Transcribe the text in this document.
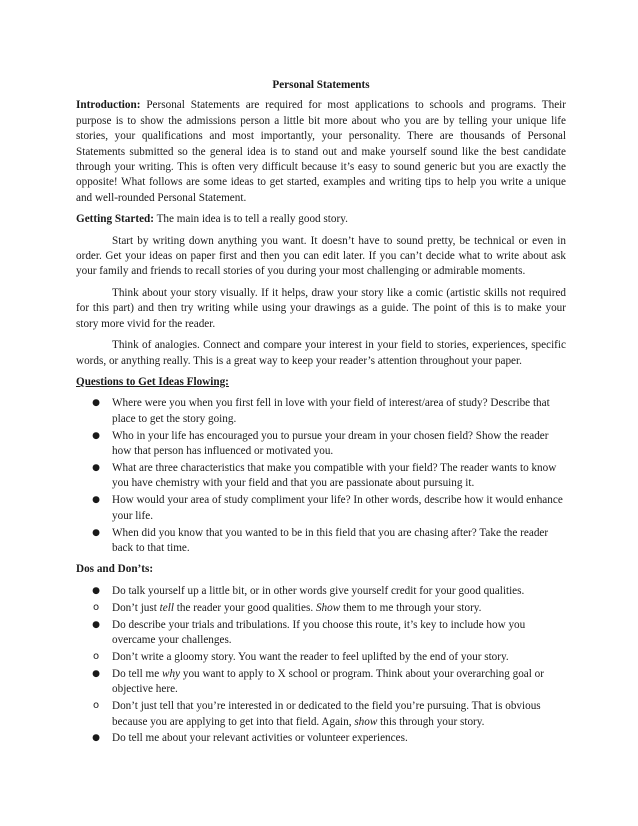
Personal Statements

Introduction: Personal Statements are required for most applications to schools and programs. Their purpose is to show the admissions person a little bit more about who you are by telling your unique life stories, your qualifications and most importantly, your personality. There are thousands of Personal Statements submitted so the general idea is to stand out and make yourself sound like the best candidate through your writing. This is often very difficult because it’s easy to sound generic but you are exactly the opposite! What follows are some ideas to get started, examples and writing tips to help you write a unique and well-rounded Personal Statement.

Getting Started: The main idea is to tell a really good story.

Start by writing down anything you want. It doesn’t have to sound pretty, be technical or even in order. Get your ideas on paper first and then you can edit later. If you can’t decide what to write about ask your family and friends to recall stories of you during your most challenging or admirable moments.

Think about your story visually. If it helps, draw your story like a comic (artistic skills not required for this part) and then try writing while using your drawings as a guide. The point of this is to make your story more vivid for the reader.

Think of analogies. Connect and compare your interest in your field to stories, experiences, specific words, or anything really. This is a great way to keep your reader’s attention throughout your paper.

Questions to Get Ideas Flowing:
● Where were you when you first fell in love with your field of interest/area of study? Describe that place to get the story going.
● Who in your life has encouraged you to pursue your dream in your chosen field? Show the reader how that person has influenced or motivated you.
● What are three characteristics that make you compatible with your field? The reader wants to know you have chemistry with your field and that you are passionate about pursuing it.
● How would your area of study compliment your life? In other words, describe how it would enhance your life.
● When did you know that you wanted to be in this field that you are chasing after? Take the reader back to that time.
Dos and Don’ts:
● Do talk yourself up a little bit, or in other words give yourself credit for your good qualities.
o Don’t just tell the reader your good qualities. Show them to me through your story.
● Do describe your trials and tribulations. If you choose this route, it’s key to include how you overcame your challenges.
o Don’t write a gloomy story. You want the reader to feel uplifted by the end of your story.
● Do tell me why you want to apply to X school or program. Think about your overarching goal or objective here.
o Don’t just tell that you’re interested in or dedicated to the field you’re pursuing. That is obvious because you are applying to get into that field. Again, show this through your story.
● Do tell me about your relevant activities or volunteer experiences.
